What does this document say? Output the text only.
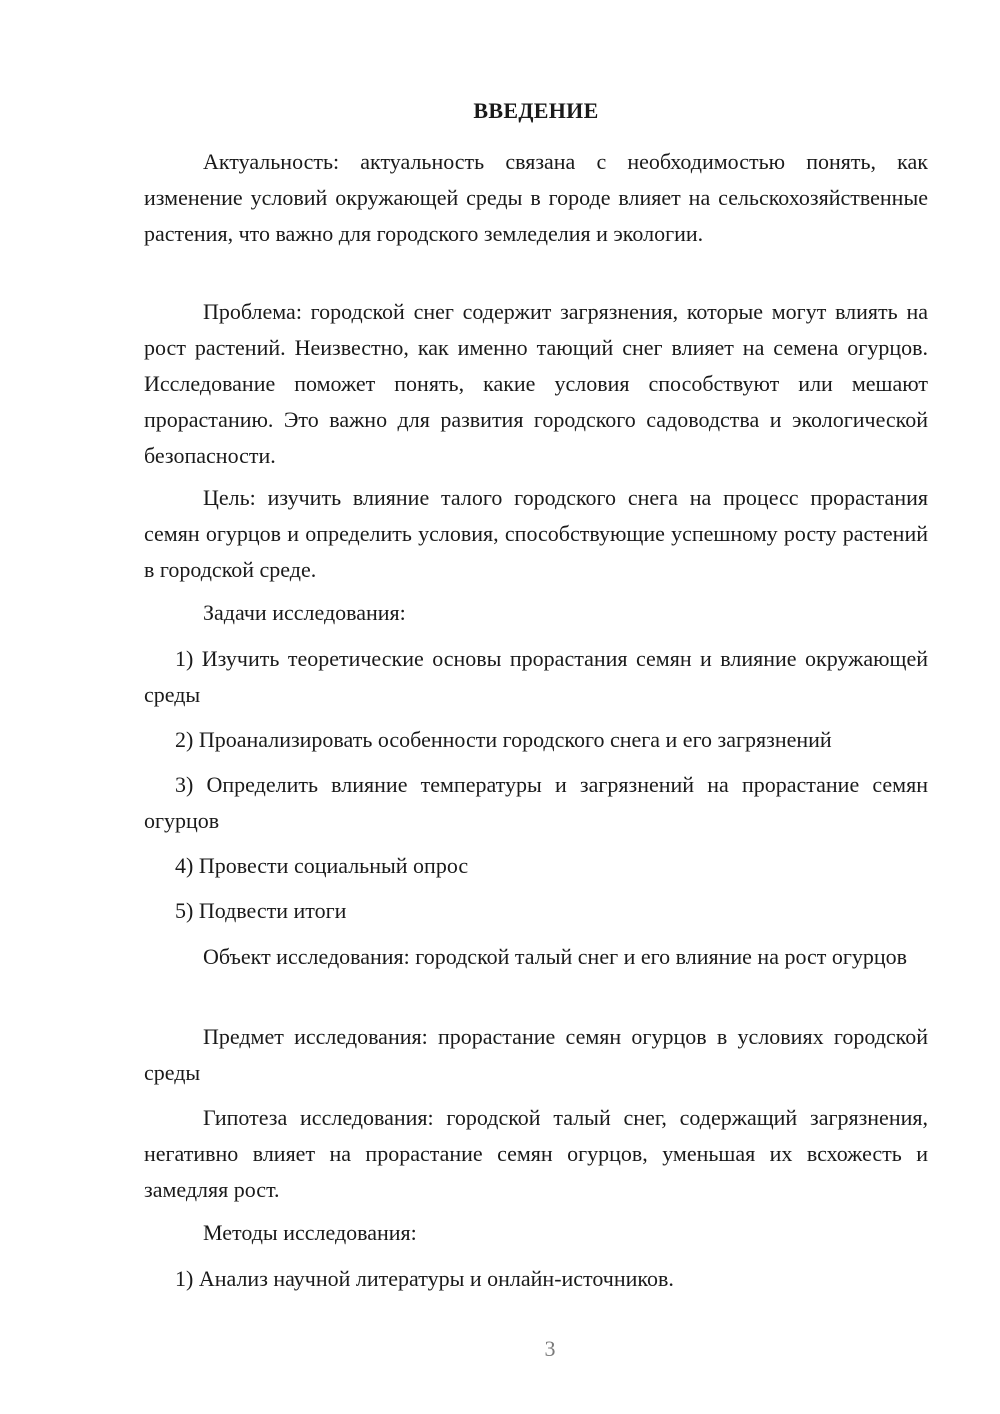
ВВЕДЕНИЕ

Актуальность: актуальность связана с необходимостью понять, как изменение условий окружающей среды в городе влияет на сельскохозяйственные растения, что важно для городского земледелия и экологии.

Проблема: городской снег содержит загрязнения, которые могут влиять на рост растений. Неизвестно, как именно тающий снег влияет на семена огурцов. Исследование поможет понять, какие условия способствуют или мешают прорастанию. Это важно для развития городского садоводства и экологической безопасности.

Цель: изучить влияние талого городского снега на процесс прорастания семян огурцов и определить условия, способствующие успешному росту растений в городской среде.

Задачи исследования:

1) Изучить теоретические основы прорастания семян и влияние окружающей среды

2) Проанализировать особенности городского снега и его загрязнений

3) Определить влияние температуры и загрязнений на прорастание семян огурцов

4) Провести социальный опрос

5) Подвести итоги

Объект исследования: городской талый снег и его влияние на рост огурцов

Предмет исследования: прорастание семян огурцов в условиях городской среды

Гипотеза исследования: городской талый снег, содержащий загрязнения, негативно влияет на прорастание семян огурцов, уменьшая их всхожесть и замедляя рост.

Методы исследования:

1) Анализ научной литературы и онлайн-источников.

3
